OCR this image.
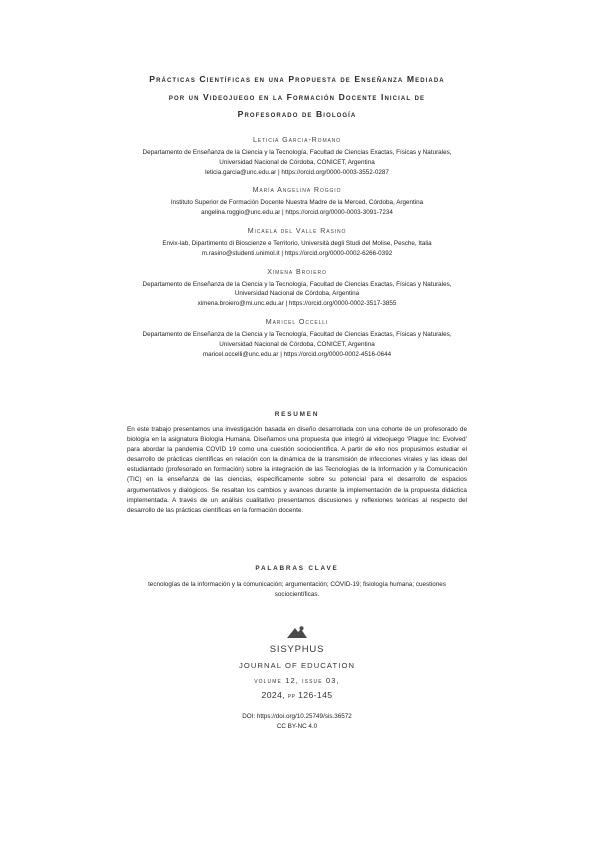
Prácticas Científicas en una Propuesta de Enseñanza Mediada
por un Videojuego en la Formación Docente Inicial de
Profesorado de Biología
Leticia Garcia-Romano
Departamento de Enseñanza de la Ciencia y la Tecnología, Facultad de Ciencias Exactas, Físicas y Naturales,
Universidad Nacional de Córdoba, CONICET, Argentina
leticia.garcia@unc.edu.ar | https://orcid.org/0000-0003-3552-0287
María Angelina Roggio
Instituto Superior de Formación Docente Nuestra Madre de la Merced, Córdoba, Argentina
angelina.roggio@unc.edu.ar | https://orcid.org/0000-0003-3091-7234
Micaela del Valle Rasino
Envix-lab, Dipartimento di Bioscienze e Territorio, Università degli Studi del Molise, Pesche, Italia
m.rasino@studenti.unimol.it | https://orcid.org/0000-0002-6266-0392
Ximena Broiero
Departamento de Enseñanza de la Ciencia y la Tecnología, Facultad de Ciencias Exactas, Físicas y Naturales,
Universidad Nacional de Córdoba, Argentina
ximena.broiero@mi.unc.edu.ar | https://orcid.org/0000-0002-3517-3855
Maricel Occelli
Departamento de Enseñanza de la Ciencia y la Tecnología, Facultad de Ciencias Exactas, Físicas y Naturales,
Universidad Nacional de Córdoba, CONICET, Argentina
maricel.occelli@unc.edu.ar | https://orcid.org/0000-0002-4516-0644
RESUMEN
En este trabajo presentamos una investigación basada en diseño desarrollada con una cohorte de un profesorado de biología en la asignatura Biología Humana. Diseñamos una propuesta que integró al videojuego ‘Plague Inc: Evolved’ para abordar la pandemia COVID 19 como una cuestión sociocientífica. A partir de ello nos propusimos estudiar el desarrollo de prácticas científicas en relación con la dinámica de la transmisión de infecciones virales y las ideas del estudiantado (profesorado en formación) sobre la integración de las Tecnologías de la Información y la Comunicación (TIC) en la enseñanza de las ciencias, específicamente sobre su potencial para el desarrollo de espacios argumentativos y dialógicos. Se resaltan los cambios y avances durante la implementación de la propuesta didáctica implementada. A través de un análisis cualitativo presentamos discusiones y reflexiones teóricas al respecto del desarrollo de las prácticas científicas en la formación docente.
PALABRAS CLAVE
tecnologías de la información y la comunicación; argumentación; COVID-19; fisiología humana; cuestiones sociocientíficas.
SISYPHUS
JOURNAL OF EDUCATION
volume 12, issue 03,
2024, pp 126-145
DOI: https://doi.org/10.25749/sis.36572
CC BY-NC 4.0
